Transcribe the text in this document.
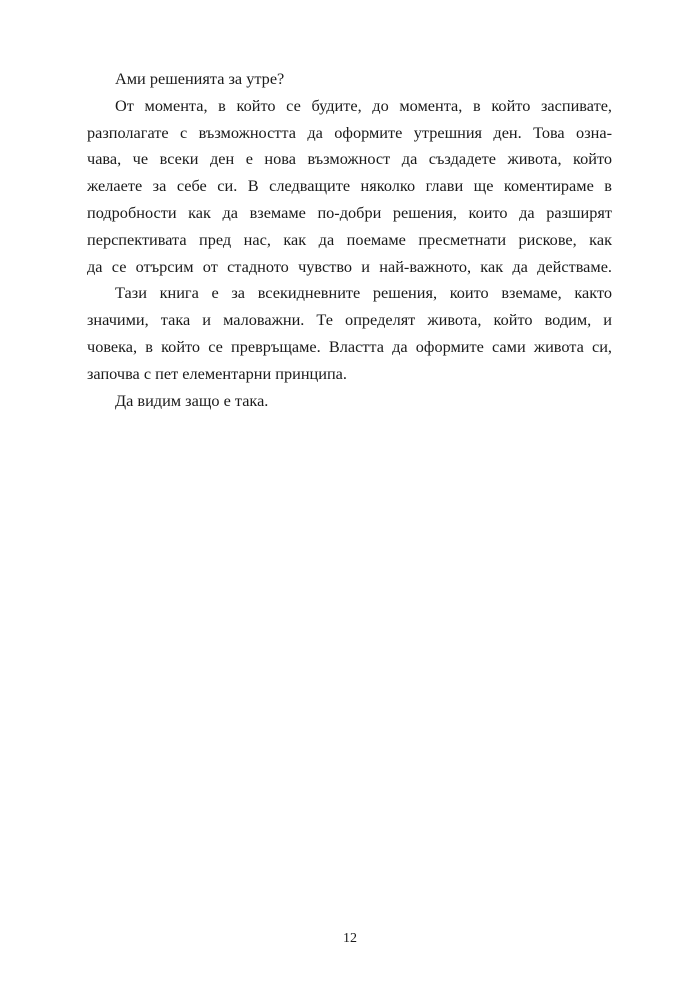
Ами решенията за утре?
От момента, в който се будите, до момента, в който заспивате,
разполагате с възможността да оформите утрешния ден. Това озна-
чава, че всеки ден е нова възможност да създадете живота, който
желаете за себе си. В следващите няколко глави ще коментираме в
подробности как да вземаме по-добри решения, които да разширят
перспективата пред нас, как да поемаме пресметнати рискове, как
да се отърсим от стадното чувство и най-важното, как да действаме.
Тази книга е за всекидневните решения, които вземаме, както
значими, така и маловажни. Те определят живота, който водим, и
човека, в който се превръщаме. Властта да оформите сами живота си,
започва с пет елементарни принципа.
Да видим защо е така.
12
